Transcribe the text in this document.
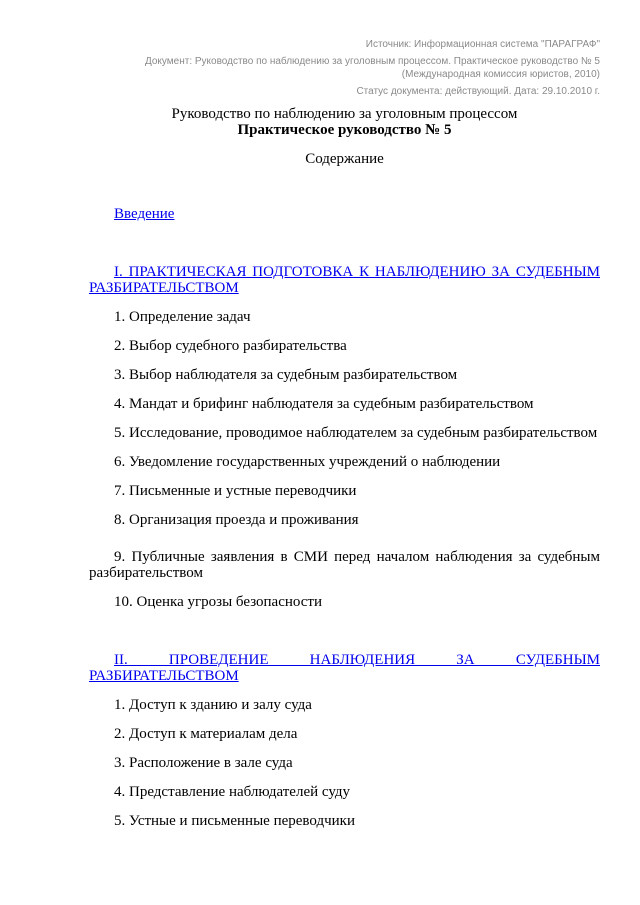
Источник: Информационная система "ПАРАГРАФ"

Документ: Руководство по наблюдению за уголовным процессом. Практическое руководство № 5
(Международная комиссия юристов, 2010)

Статус документа: действующий. Дата: 29.10.2010 г.

Руководство по наблюдению за уголовным процессом
Практическое руководство № 5

Содержание

Введение

I. ПРАКТИЧЕСКАЯ ПОДГОТОВКА К НАБЛЮДЕНИЮ ЗА СУДЕБНЫМ РАЗБИРАТЕЛЬСТВОМ

1. Определение задач

2. Выбор судебного разбирательства

3. Выбор наблюдателя за судебным разбирательством

4. Мандат и брифинг наблюдателя за судебным разбирательством

5. Исследование, проводимое наблюдателем за судебным разбирательством

6. Уведомление государственных учреждений о наблюдении

7. Письменные и устные переводчики

8. Организация проезда и проживания

9. Публичные заявления в СМИ перед началом наблюдения за судебным разбирательством

10. Оценка угрозы безопасности

II. ПРОВЕДЕНИЕ НАБЛЮДЕНИЯ ЗА СУДЕБНЫМ РАЗБИРАТЕЛЬСТВОМ

1. Доступ к зданию и залу суда

2. Доступ к материалам дела

3. Расположение в зале суда

4. Представление наблюдателей суду

5. Устные и письменные переводчики
